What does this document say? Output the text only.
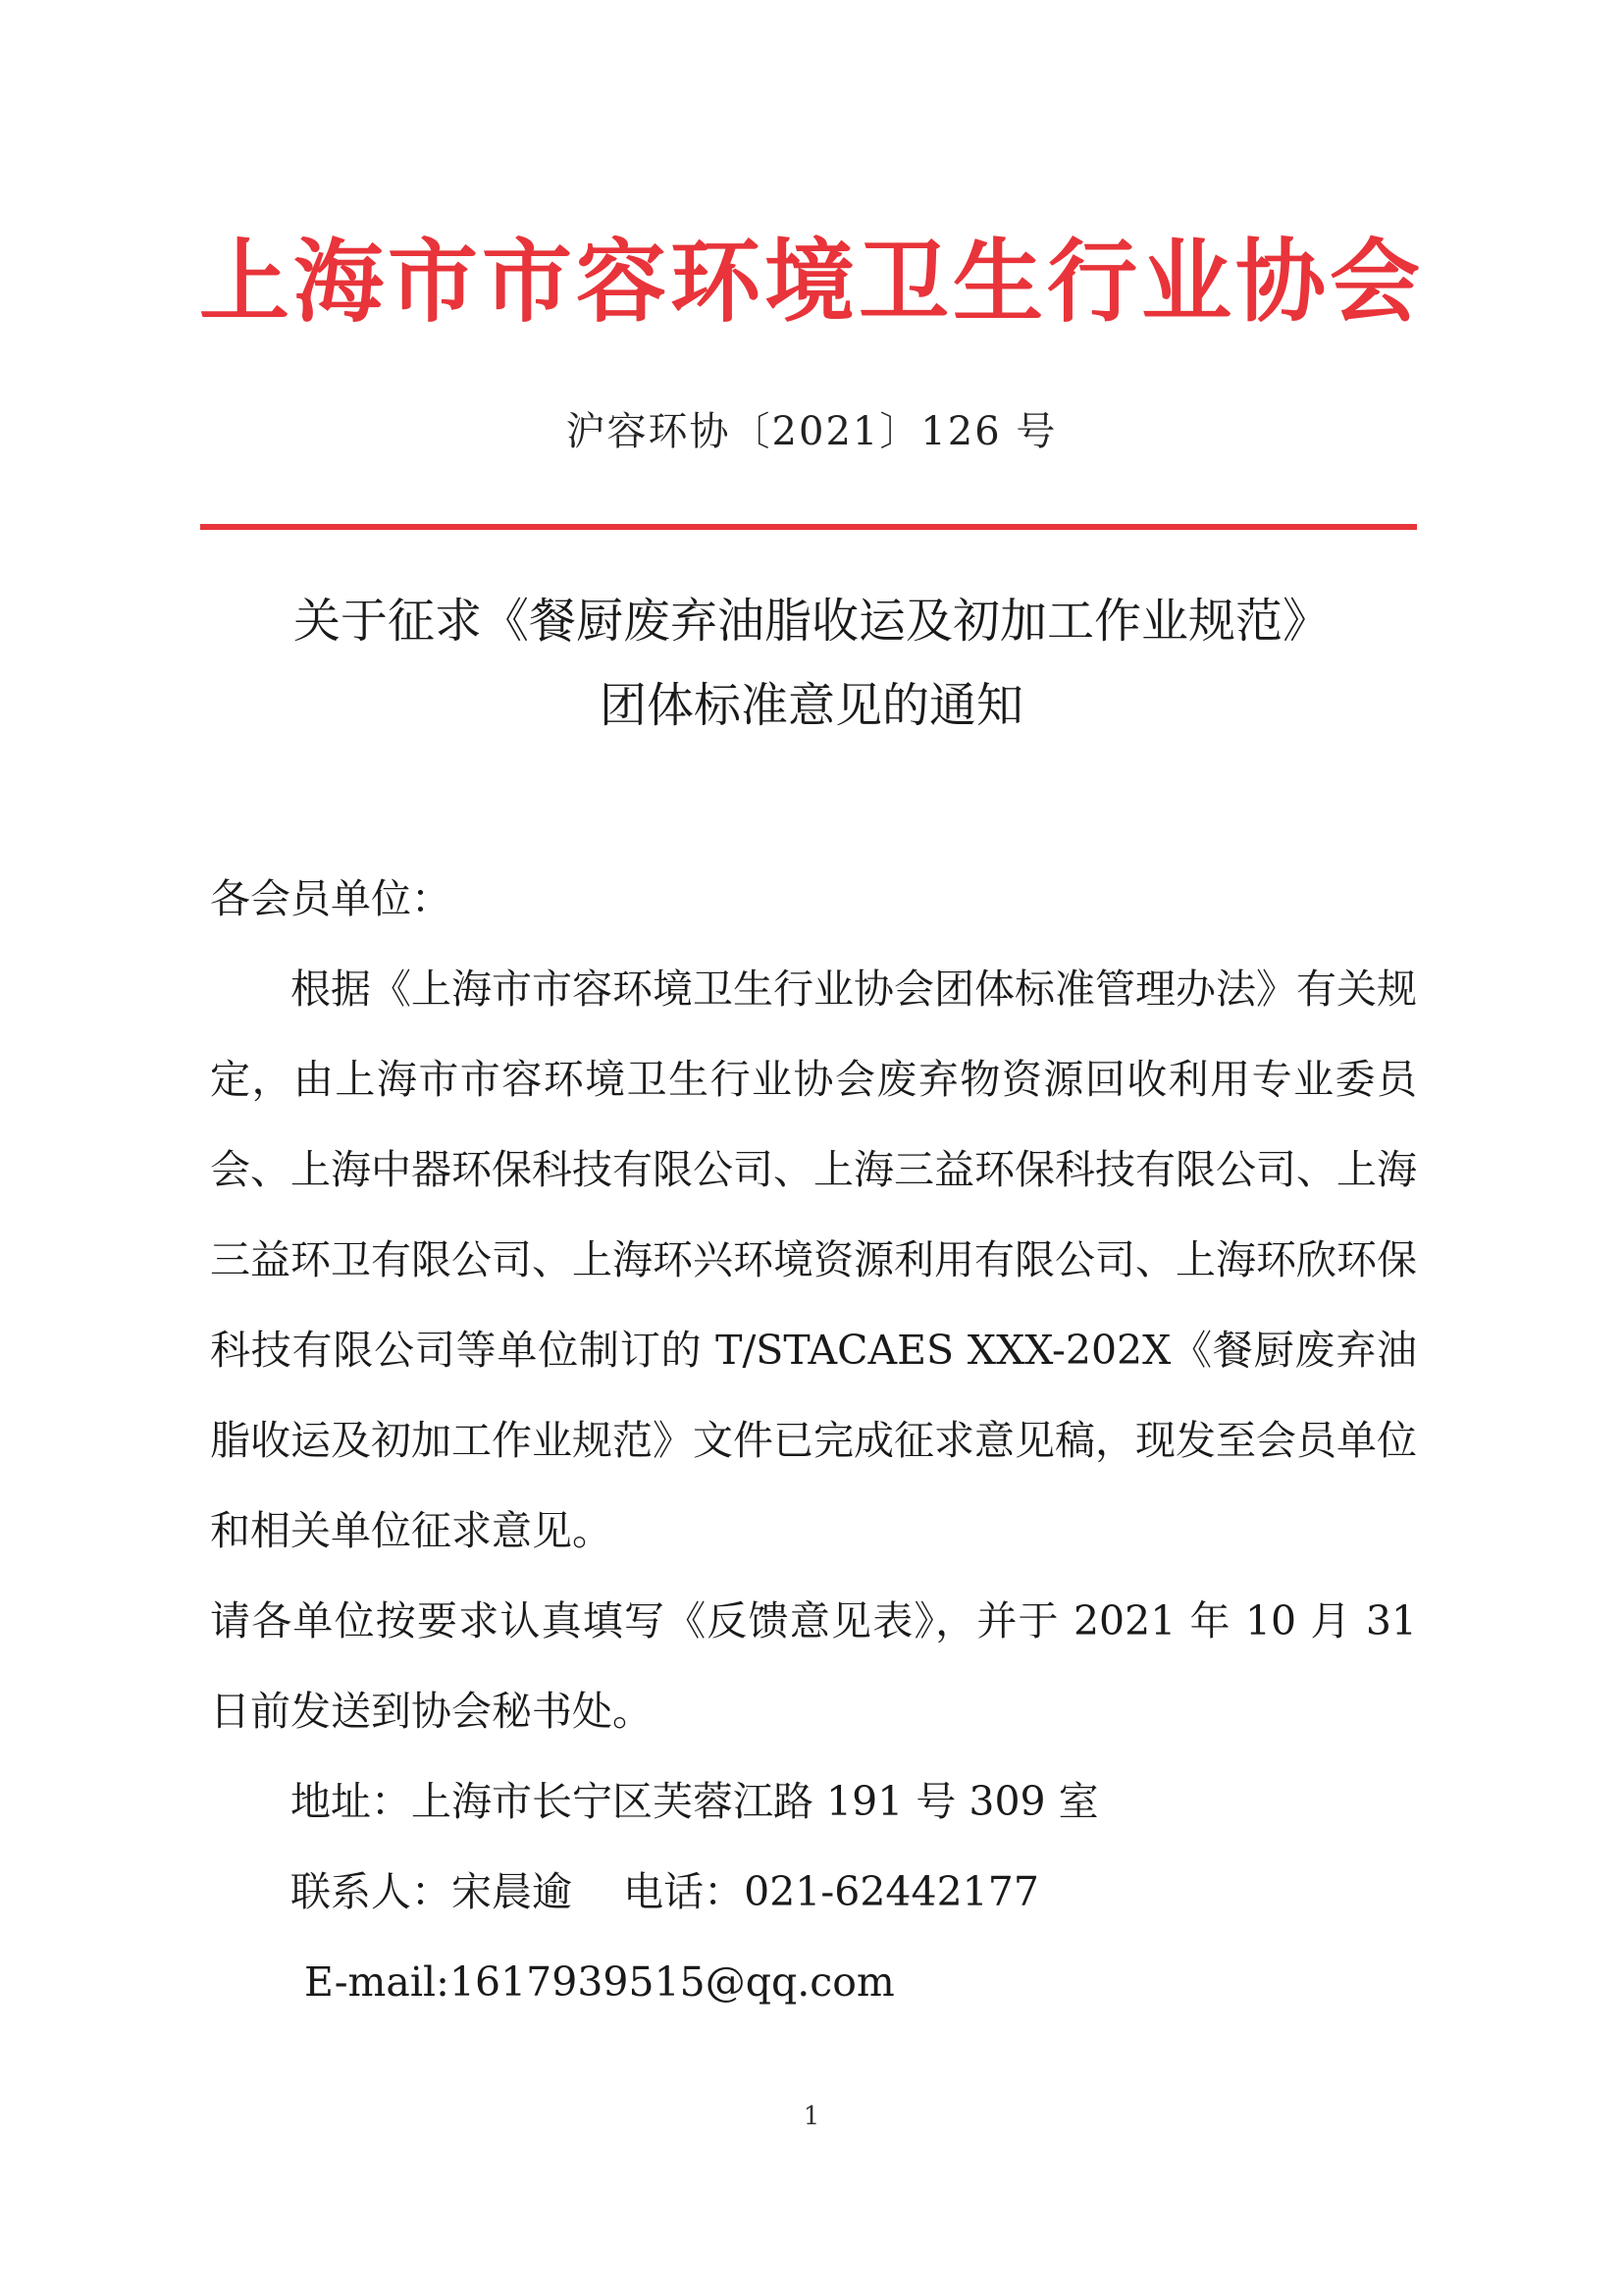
上海市市容环境卫生行业协会
沪容环协〔2021〕126 号
关于征求《餐厨废弃油脂收运及初加工作业规范》
团体标准意见的通知
各会员单位：
根据《上海市市容环境卫生行业协会团体标准管理办法》有关规定，由上海市市容环境卫生行业协会废弃物资源回收利用专业委员会、上海中器环保科技有限公司、上海三益环保科技有限公司、上海三益环卫有限公司、上海环兴环境资源利用有限公司、上海环欣环保科技有限公司等单位制订的 T/STACAES XXX-202X《餐厨废弃油脂收运及初加工作业规范》文件已完成征求意见稿，现发至会员单位和相关单位征求意见。
请各单位按要求认真填写《反馈意见表》，并于 2021 年 10 月 31 日前发送到协会秘书处。
地址：上海市长宁区芙蓉江路 191 号 309 室
联系人：宋晨逾    电话：021-62442177
E-mail:1617939515@qq.com
1
